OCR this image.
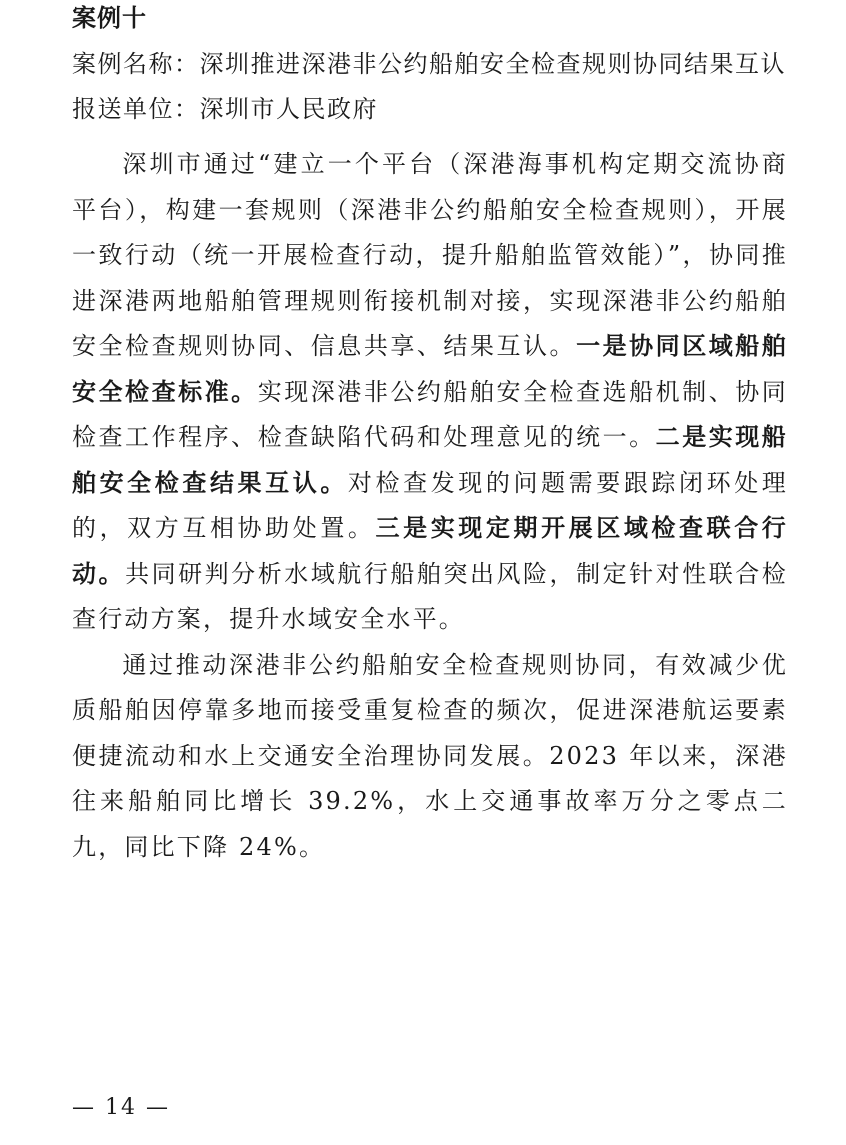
案例十
案例名称：深圳推进深港非公约船舶安全检查规则协同结果互认
报送单位：深圳市人民政府

深圳市通过“建立一个平台（深港海事机构定期交流协商平台），构建一套规则（深港非公约船舶安全检查规则），开展一致行动（统一开展检查行动，提升船舶监管效能）”，协同推进深港两地船舶管理规则衔接机制对接，实现深港非公约船舶安全检查规则协同、信息共享、结果互认。一是协同区域船舶安全检查标准。实现深港非公约船舶安全检查选船机制、协同检查工作程序、检查缺陷代码和处理意见的统一。二是实现船舶安全检查结果互认。对检查发现的问题需要跟踪闭环处理的，双方互相协助处置。三是实现定期开展区域检查联合行动。共同研判分析水域航行船舶突出风险，制定针对性联合检查行动方案，提升水域安全水平。

通过推动深港非公约船舶安全检查规则协同，有效减少优质船舶因停靠多地而接受重复检查的频次，促进深港航运要素便捷流动和水上交通安全治理协同发展。2023 年以来，深港往来船舶同比增长 39.2%，水上交通事故率万分之零点二九，同比下降 24%。

— 14 —
